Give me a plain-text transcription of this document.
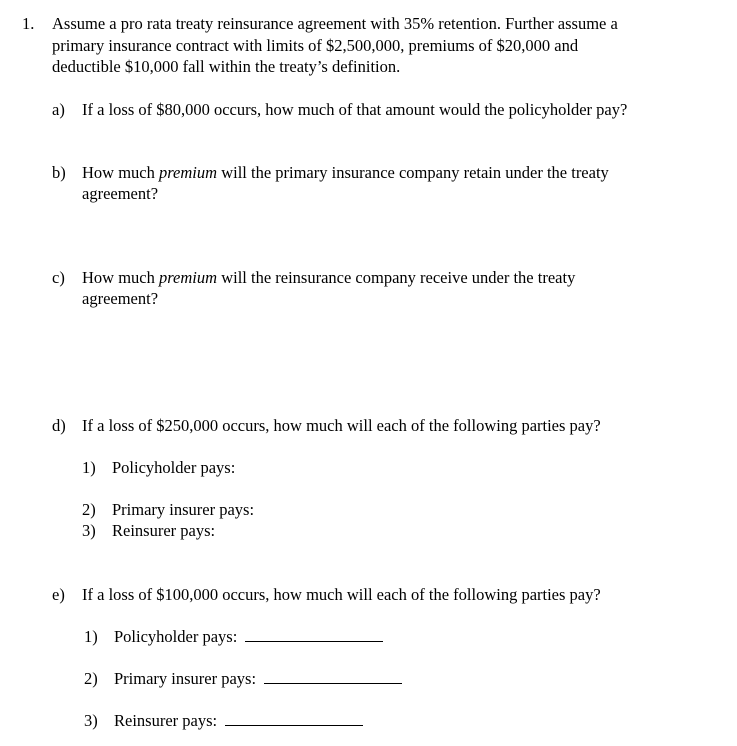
1. Assume a pro rata treaty reinsurance agreement with 35% retention. Further assume a
primary insurance contract with limits of $2,500,000, premiums of $20,000 and
deductible $10,000 fall within the treaty’s definition.
a) If a loss of $80,000 occurs, how much of that amount would the policyholder pay?
b) How much premium will the primary insurance company retain under the treaty
agreement?
c) How much premium will the reinsurance company receive under the treaty
agreement?
d) If a loss of $250,000 occurs, how much will each of the following parties pay?
1) Policyholder pays:
2) Primary insurer pays:
3) Reinsurer pays:
e) If a loss of $100,000 occurs, how much will each of the following parties pay?
1) Policyholder pays:
2) Primary insurer pays:
3) Reinsurer pays:
